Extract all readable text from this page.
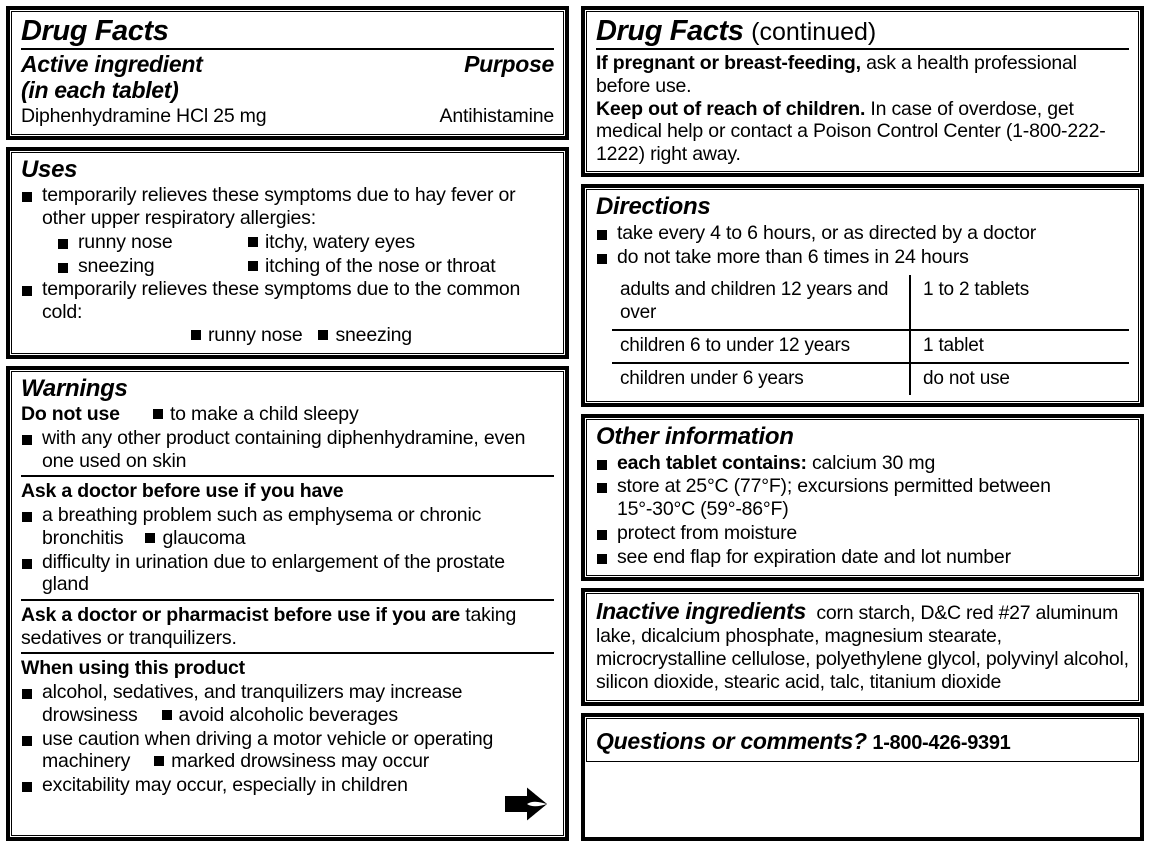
Drug Facts
Active ingredient
(in each tablet)
Purpose
Diphenhydramine HCl 25 mg	Antihistamine
Uses
temporarily relieves these symptoms due to hay fever or other upper respiratory allergies:
runny nose	itchy, watery eyes
sneezing	itching of the nose or throat
temporarily relieves these symptoms due to the common cold:
runny nose	sneezing
Warnings
Do not use	to make a child sleepy
with any other product containing diphenhydramine, even one used on skin
Ask a doctor before use if you have
a breathing problem such as emphysema or chronic bronchitis glaucoma
difficulty in urination due to enlargement of the prostate gland
Ask a doctor or pharmacist before use if you are taking sedatives or tranquilizers.
When using this product
alcohol, sedatives, and tranquilizers may increase drowsiness avoid alcoholic beverages
use caution when driving a motor vehicle or operating machinery marked drowsiness may occur
excitability may occur, especially in children
Drug Facts (continued)
If pregnant or breast-feeding, ask a health professional before use.
Keep out of reach of children. In case of overdose, get medical help or contact a Poison Control Center (1-800-222-1222) right away.
Directions
take every 4 to 6 hours, or as directed by a doctor
do not take more than 6 times in 24 hours
adults and children 12 years and over	1 to 2 tablets
children 6 to under 12 years	1 tablet
children under 6 years	do not use
Other information
each tablet contains: calcium 30 mg
store at 25°C (77°F); excursions permitted between 15°-30°C (59°-86°F)
protect from moisture
see end flap for expiration date and lot number
Inactive ingredients corn starch, D&C red #27 aluminum lake, dicalcium phosphate, magnesium stearate, microcrystalline cellulose, polyethylene glycol, polyvinyl alcohol, silicon dioxide, stearic acid, talc, titanium dioxide
Questions or comments? 1-800-426-9391
